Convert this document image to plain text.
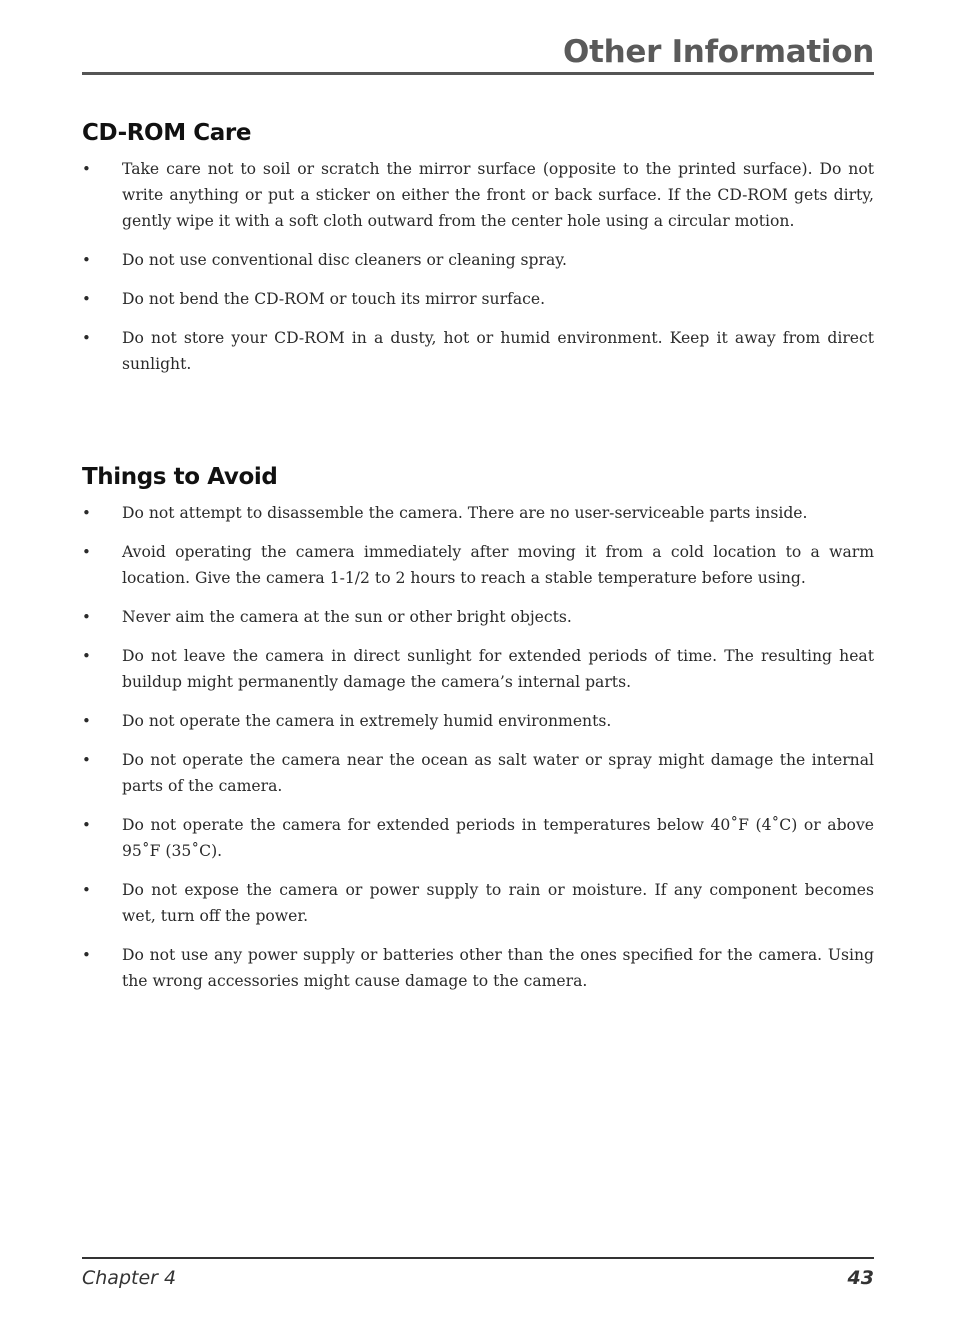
Other Information
CD-ROM Care
•	Take care not to soil or scratch the mirror surface (opposite to the printed surface). Do not write anything or put a sticker on either the front or back surface. If the CD-ROM gets dirty, gently wipe it with a soft cloth outward from the center hole using a circular motion.
•	Do not use conventional disc cleaners or cleaning spray.
•	Do not bend the CD-ROM or touch its mirror surface.
•	Do not store your CD-ROM in a dusty, hot or humid environment. Keep it away from direct sunlight.
Things to Avoid
•	Do not attempt to disassemble the camera. There are no user-serviceable parts inside.
•	Avoid operating the camera immediately after moving it from a cold location to a warm location. Give the camera 1-1/2 to 2 hours to reach a stable temperature before using.
•	Never aim the camera at the sun or other bright objects.
•	Do not leave the camera in direct sunlight for extended periods of time. The resulting heat buildup might permanently damage the camera’s internal parts.
•	Do not operate the camera in extremely humid environments.
•	Do not operate the camera near the ocean as salt water or spray might damage the internal parts of the camera.
•	Do not operate the camera for extended periods in temperatures below 40˚F (4˚C) or above 95˚F (35˚C).
•	Do not expose the camera or power supply to rain or moisture. If any component becomes wet, turn off the power.
•	Do not use any power supply or batteries other than the ones specified for the camera. Using the wrong accessories might cause damage to the camera.
Chapter 4	43
